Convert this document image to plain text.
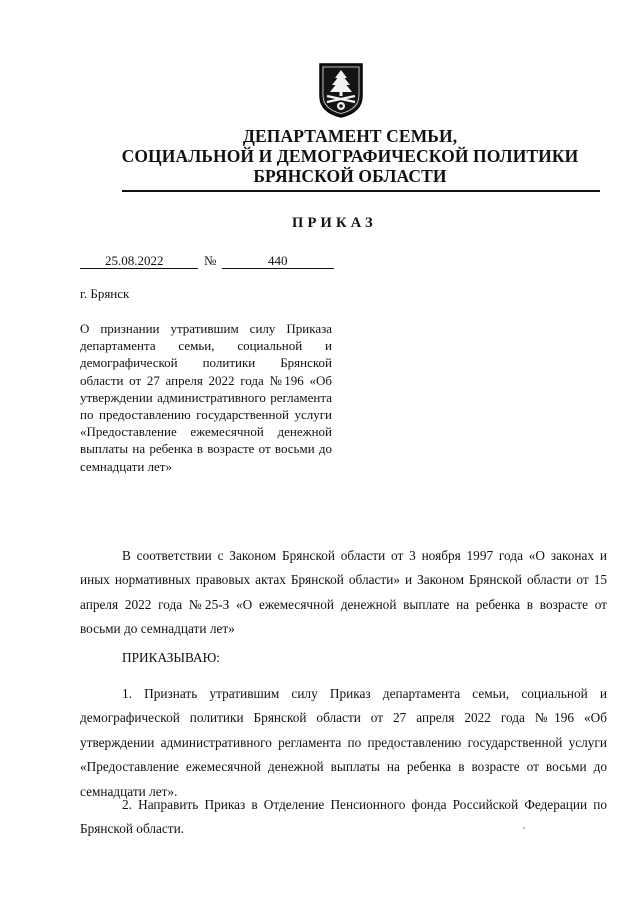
ДЕПАРТАМЕНТ СЕМЬИ,
СОЦИАЛЬНОЙ И ДЕМОГРАФИЧЕСКОЙ ПОЛИТИКИ
БРЯНСКОЙ ОБЛАСТИ
ПРИКАЗ
25.08.2022	№	440
г. Брянск
О признании утратившим силу Приказа департамента семьи, социальной и демографической политики Брянской области от 27 апреля 2022 года №196 «Об утверждении административного регламента по предоставлению государственной услуги «Предоставление ежемесячной денежной выплаты на ребенка в возрасте от восьми до семнадцати лет»
В соответствии с Законом Брянской области от 3 ноября 1997 года «О законах и иных нормативных правовых актах Брянской области» и Законом Брянской области от 15 апреля 2022 года №25-З «О ежемесячной денежной выплате на ребенка в возрасте от восьми до семнадцати лет»
ПРИКАЗЫВАЮ:
1. Признать утратившим силу Приказ департамента семьи, социальной и демографической политики Брянской области от 27 апреля 2022 года №196 «Об утверждении административного регламента по предоставлению государственной услуги «Предоставление ежемесячной денежной выплаты на ребенка в возрасте от восьми до семнадцати лет».
2. Направить Приказ в Отделение Пенсионного фонда Российской Федерации по Брянской области.
